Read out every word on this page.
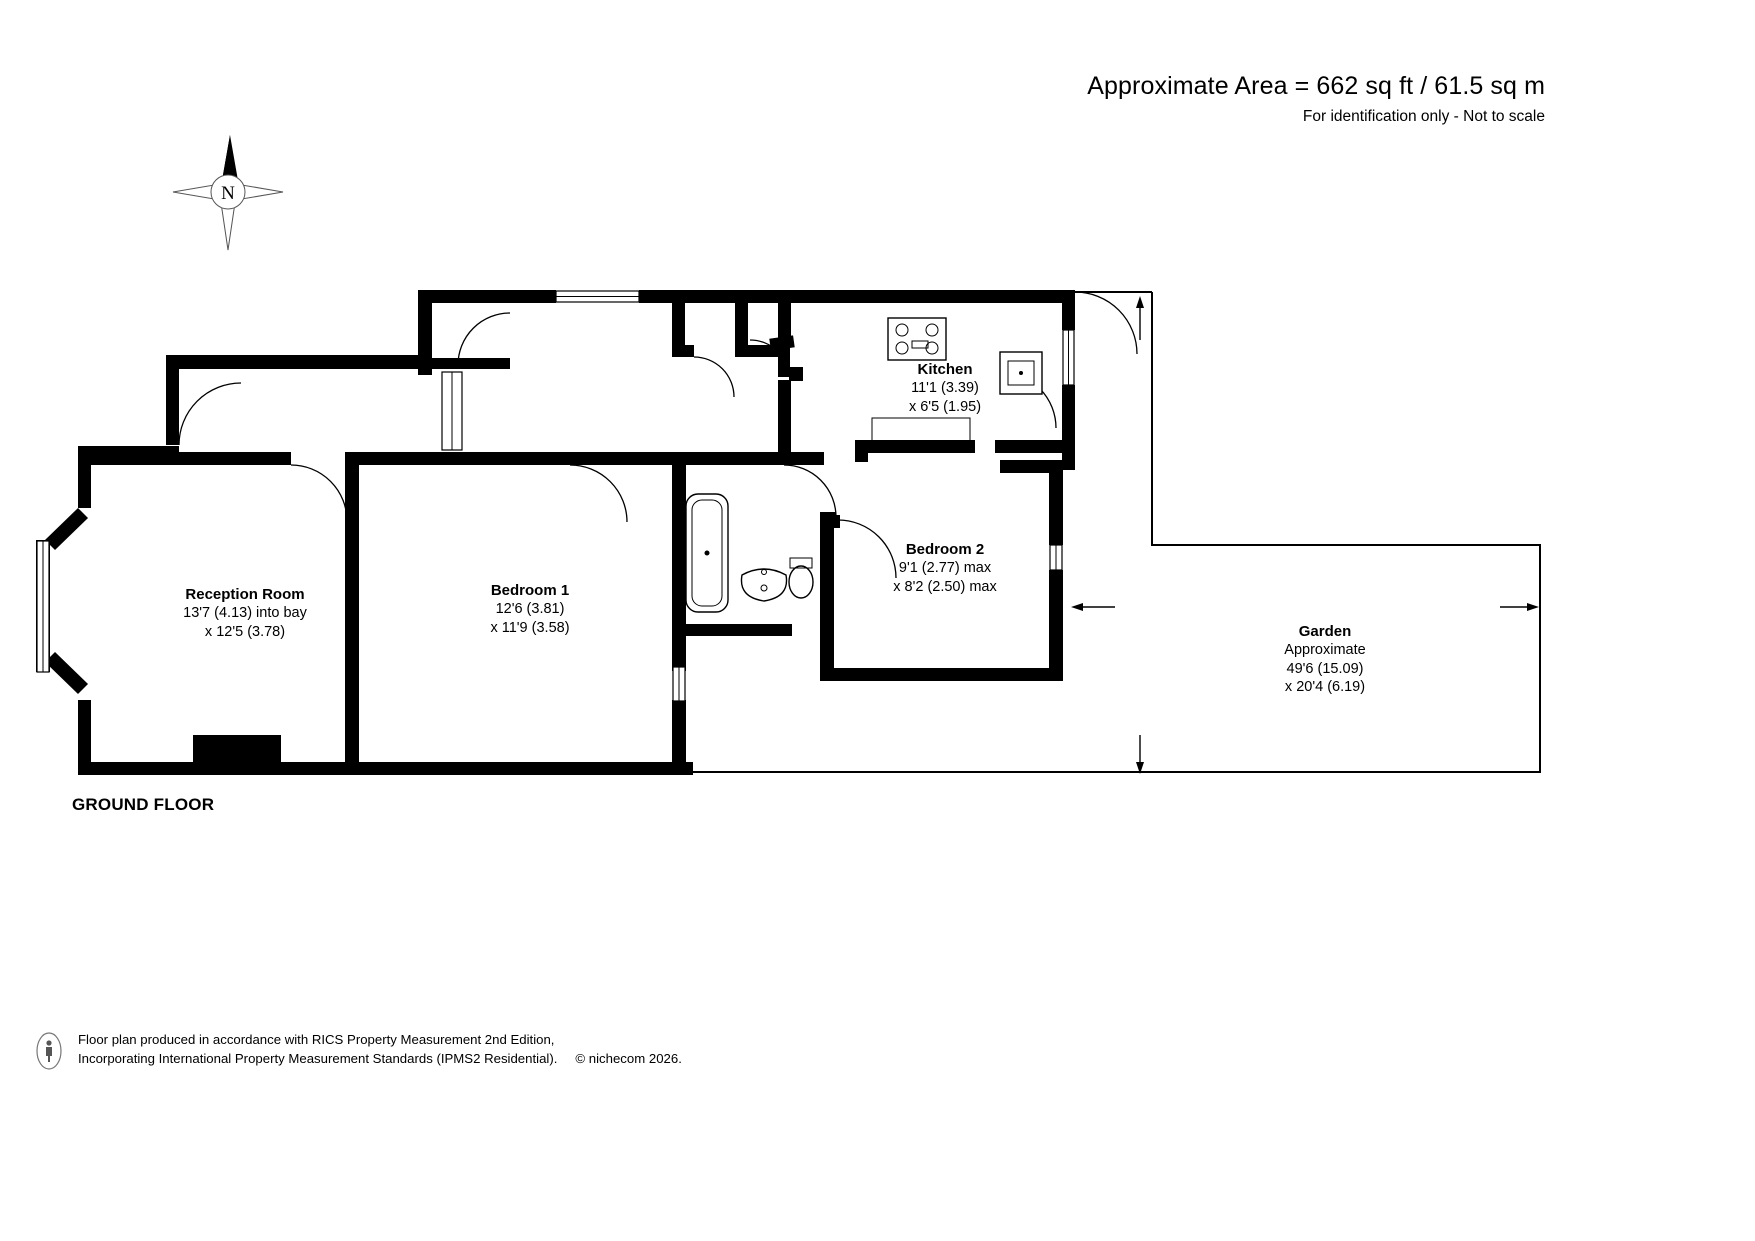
Approximate Area = 662 sq ft / 61.5 sq m
For identification only - Not to scale
N
Reception Room
13'7 (4.13) into bay
x 12'5 (3.78)
Bedroom 1
12'6 (3.81)
x 11'9 (3.58)
Bedroom 2
9'1 (2.77) max
x 8'2 (2.50) max
Kitchen
11'1 (3.39)
x 6'5 (1.95)
Garden
Approximate
49'6 (15.09)
x 20'4 (6.19)
GROUND FLOOR
Floor plan produced in accordance with RICS Property Measurement 2nd Edition,
Incorporating International Property Measurement Standards (IPMS2 Residential). © nichecom 2026.
